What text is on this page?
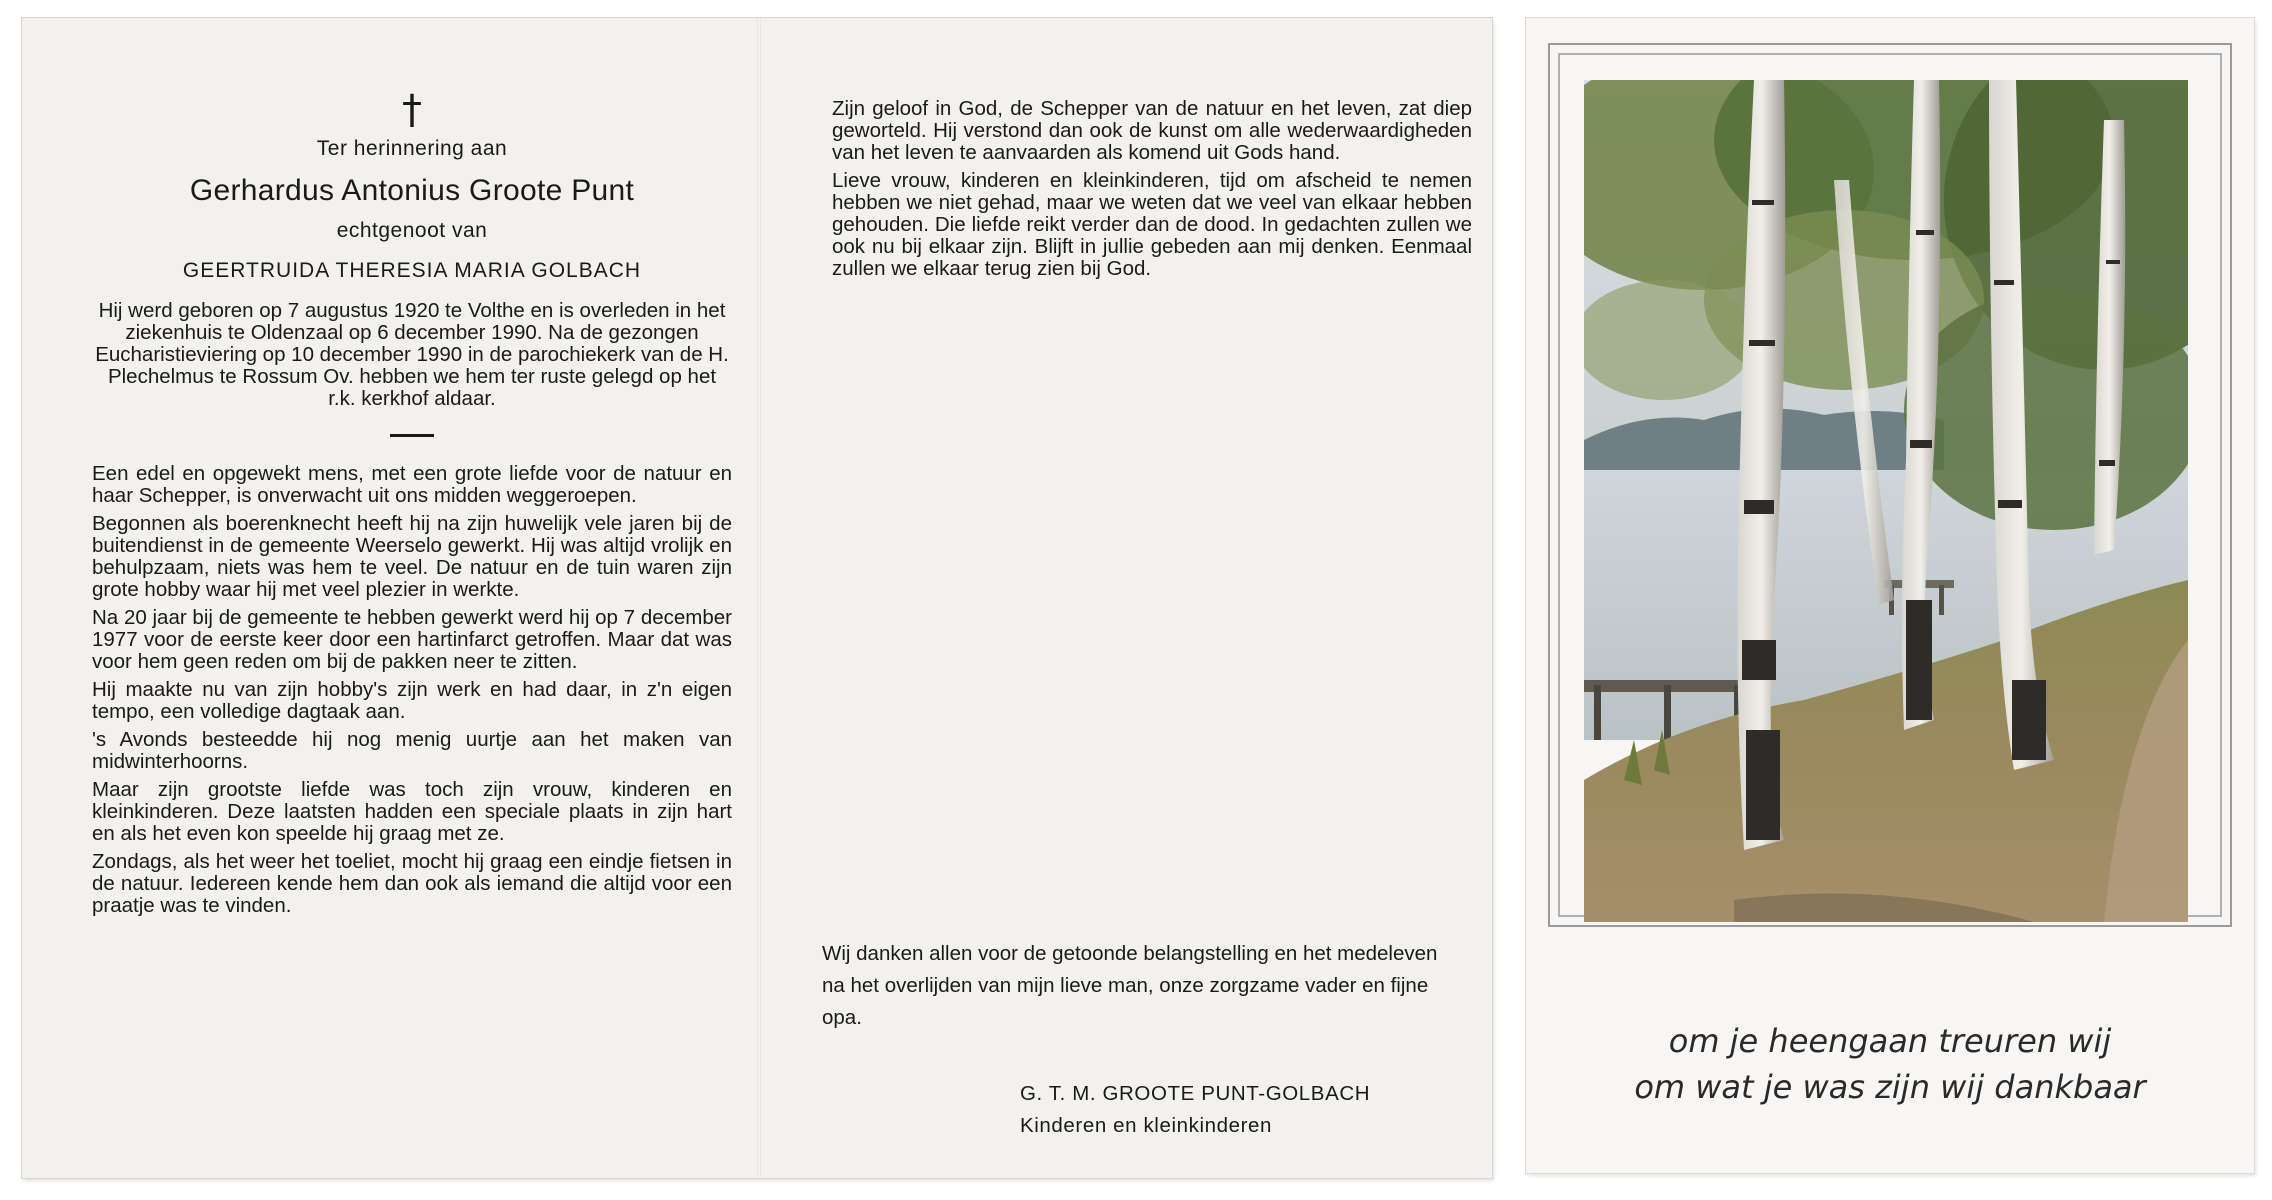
†
Ter herinnering aan
Gerhardus Antonius Groote Punt
echtgenoot van
GEERTRUIDA THERESIA MARIA GOLBACH
Hij werd geboren op 7 augustus 1920 te Volthe en is overleden in het ziekenhuis te Oldenzaal op 6 december 1990. Na de gezongen Eucharistieviering op 10 december 1990 in de parochiekerk van de H. Plechelmus te Rossum Ov. hebben we hem ter ruste gelegd op het r.k. kerkhof aldaar.

Een edel en opgewekt mens, met een grote liefde voor de natuur en haar Schepper, is onverwacht uit ons midden weggeroepen.

Begonnen als boerenknecht heeft hij na zijn huwelijk vele jaren bij de buitendienst in de gemeente Weerselo gewerkt. Hij was altijd vrolijk en behulpzaam, niets was hem te veel. De natuur en de tuin waren zijn grote hobby waar hij met veel plezier in werkte.

Na 20 jaar bij de gemeente te hebben gewerkt werd hij op 7 december 1977 voor de eerste keer door een hartinfarct getroffen. Maar dat was voor hem geen reden om bij de pakken neer te zitten.

Hij maakte nu van zijn hobby's zijn werk en had daar, in z'n eigen tempo, een volledige dagtaak aan.

's Avonds besteedde hij nog menig uurtje aan het maken van midwinterhoorns.

Maar zijn grootste liefde was toch zijn vrouw, kinderen en kleinkinderen. Deze laatsten hadden een speciale plaats in zijn hart en als het even kon speelde hij graag met ze.

Zondags, als het weer het toeliet, mocht hij graag een eindje fietsen in de natuur. Iedereen kende hem dan ook als iemand die altijd voor een praatje was te vinden.

Zijn geloof in God, de Schepper van de natuur en het leven, zat diep geworteld. Hij verstond dan ook de kunst om alle wederwaardigheden van het leven te aanvaarden als komend uit Gods hand.

Lieve vrouw, kinderen en kleinkinderen, tijd om afscheid te nemen hebben we niet gehad, maar we weten dat we veel van elkaar hebben gehouden. Die liefde reikt verder dan de dood. In gedachten zullen we ook nu bij elkaar zijn. Blijft in jullie gebeden aan mij denken. Eenmaal zullen we elkaar terug zien bij God.

Wij danken allen voor de getoonde belangstelling en het medeleven na het overlijden van mijn lieve man, onze zorgzame vader en fijne opa.
G. T. M. GROOTE PUNT-GOLBACH
Kinderen en kleinkinderen
om je heengaan treuren wij
om wat je was zijn wij dankbaar
